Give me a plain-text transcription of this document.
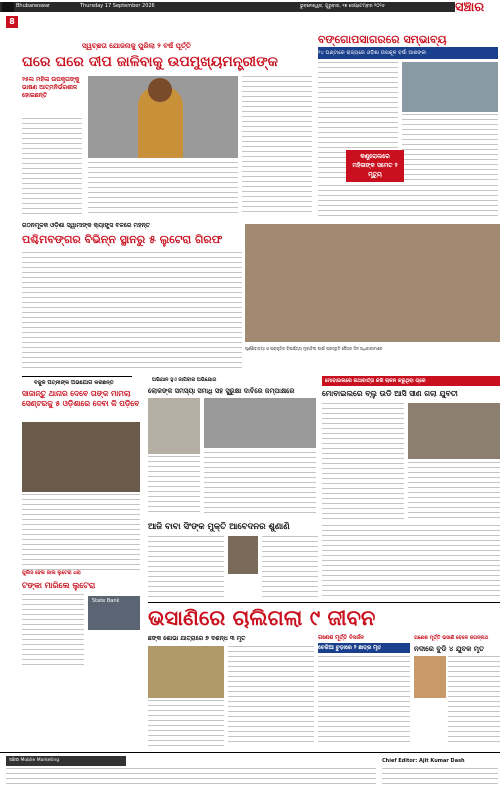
Bhubaneswar	Thursday 17 September 2026	ଭୁବନେଶ୍ୱର, ଗୁରୁବାର, ୧୭ ସେପ୍ଟେମ୍ବର ୨୦୨୬	ସଞ୍ଚାର
8
ସ୍ୱଚ୍ଛତା ଯୋଜନାକୁ ପୁରିଲା ୨ ବର୍ଷ ପୂର୍ତ୍ତି
ଘରେ ଘରେ ଦୀପ ଜାଳିବାକୁ ଉପମୁଖ୍ୟମନ୍ତ୍ରୀଙ୍କ
୨୫ଲ ମହିଳା ଉପକୃତାଙ୍କୁ ଭାଷଣ ଆତ୍ମନିର୍ଭରଶୀଳ ହୋଇଛନ୍ତି
ବଙ୍ଗୋପସାଗରରେ ସମ୍ଭାବ୍ୟ
୨୪ ଘଣ୍ଟାରେ ରାଜ୍ୟରେ ଓଡ଼ିଶା ଉପକୂଳ ବର୍ଷା ଆଶଙ୍କା
କଣ୍ଟ୍ରୋଲରେ ମହିଳାଙ୍କ ସମେତ ୨ ମୃତ୍ୟୁ
ଗଠନମୂଳକ ଓଡ଼ିଶା ସ୍ୱାମୀଙ୍କ କ୍ୟାଙ୍କ୍ସ ବଳରେ ମହନ୍ତ
ପଶ୍ଚିମବଙ୍ଗର ବିଭିନ୍ନ ସ୍ଥାନରୁ ୫ ଲୁଟେରା ଗିରଫ
ଘୂର୍ଣ୍ଣିବାତ୍ୟା ଓ ପ୍ରାକୃତିକ ବିପର୍ଯ୍ୟୟ ମୁକାବିଲା ପାଇଁ ପ୍ରସ୍ତୁତି ବୈଠକ ଦିନ ଅଧିକାରୀମାନେ
ବିଜୁଳି ପତ୍ନୀଙ୍କ ଅଭିଯୋଗ କରିଛନ୍ତି
ସାଜାନ୍ତୁ ଥାନାର ଦେବେ ତାଙ୍କ ମାମଲା ସେଣ୍ଟରକୁ ୫ ଓଡ଼ିଶାରେ ଦେବା କି ପଡ଼ିବେ
ପୁଲିସ ହେଲ ଜାଲ ଲୁଟେରା ଧରା
ଟଙ୍କା ମାରିଲେ ଲୁଟେରା
State Bank
ଅଭିଯାନ ହୁଏ ଜାଗିବାର ଅଭିଯୋଗ
ଲୋକଙ୍କ ସମସ୍ୟା ସମାଧି ସହ ସୁରୁକ୍ଷା ଦାବିରେ ଜମ୍ପାକ୍ଷରେ
ଆଜି ବାବା ସିଂଙ୍କ ମୁକ୍ତି ଆବେଦନର ଶୁଣାଣି
ମୋବାଇଲରେ କଥାବାର୍ତ୍ତା କରି ଚାଳନ କରୁଥିବା ଗ୍ରେ
ମୋବାଇଲରେ ବ୍ଲୁ ଉଡି ଆସି ସୀଣ ଗଲା ଯୁବତୀ
ଭସାଣିରେ ଚାଲିଗଲା ୯ ଜୀବନ
ଛଙ୍କ ଶୋଭା ଯାତ୍ରାରେ ୭ ଦଶନ୍ଧ ୩ ମୃତ	ଗଣେଶ ମୂର୍ତ୍ତି ବିସର୍ଜନ
ଚେଜିଆ ଚୁଡ଼ାରେ ୨ ଛାତ୍ର ମୃତ
ଗଣେଶ ମୂର୍ତ୍ତି ଭସାଣି ବେଳେ ଜଗନ୍ନାଥ
ନଦୀରେ ବୁଡି ୪ ଯୁବକ ମୃତ
ସଞ୍ଚାର Mobile Marketing	Chief Editor: Ajit Kumar Dash
